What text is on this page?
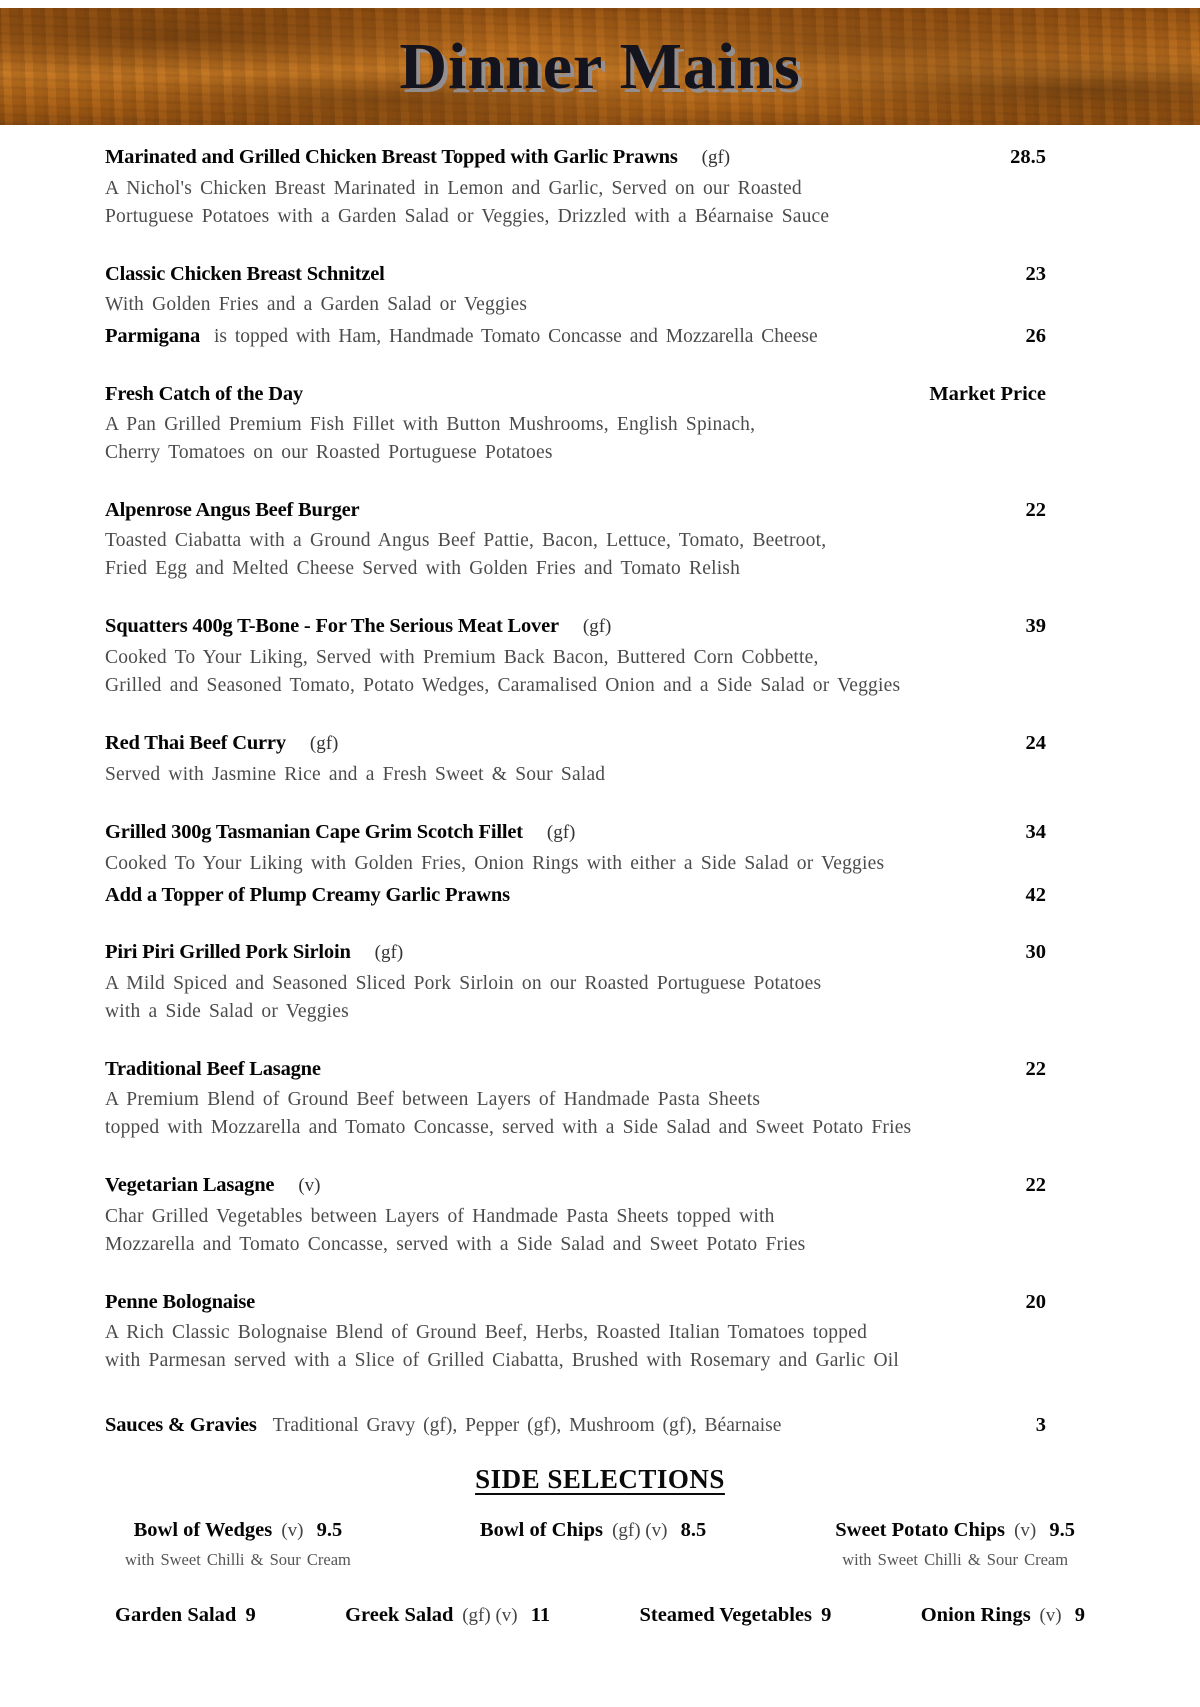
Dinner Mains
Marinated and Grilled Chicken Breast Topped with Garlic Prawns (gf)	28.5
A Nichol's Chicken Breast Marinated in Lemon and Garlic, Served on our Roasted
Portuguese Potatoes with a Garden Salad or Veggies, Drizzled with a Béarnaise Sauce
Classic Chicken Breast Schnitzel	23
With Golden Fries and a Garden Salad or Veggies
Parmigana is topped with Ham, Handmade Tomato Concasse and Mozzarella Cheese	26
Fresh Catch of the Day	Market Price
A Pan Grilled Premium Fish Fillet with Button Mushrooms, English Spinach,
Cherry Tomatoes on our Roasted Portuguese Potatoes
Alpenrose Angus Beef Burger	22
Toasted Ciabatta with a Ground Angus Beef Pattie, Bacon, Lettuce, Tomato, Beetroot,
Fried Egg and Melted Cheese Served with Golden Fries and Tomato Relish
Squatters 400g T-Bone - For The Serious Meat Lover (gf)	39
Cooked To Your Liking, Served with Premium Back Bacon, Buttered Corn Cobbette,
Grilled and Seasoned Tomato, Potato Wedges, Caramalised Onion and a Side Salad or Veggies
Red Thai Beef Curry (gf)	24
Served with Jasmine Rice and a Fresh Sweet & Sour Salad
Grilled 300g Tasmanian Cape Grim Scotch Fillet (gf)	34
Cooked To Your Liking with Golden Fries, Onion Rings with either a Side Salad or Veggies
Add a Topper of Plump Creamy Garlic Prawns	42
Piri Piri Grilled Pork Sirloin (gf)	30
A Mild Spiced and Seasoned Sliced Pork Sirloin on our Roasted Portuguese Potatoes
with a Side Salad or Veggies
Traditional Beef Lasagne	22
A Premium Blend of Ground Beef between Layers of Handmade Pasta Sheets
topped with Mozzarella and Tomato Concasse, served with a Side Salad and Sweet Potato Fries
Vegetarian Lasagne (v)	22
Char Grilled Vegetables between Layers of Handmade Pasta Sheets topped with
Mozzarella and Tomato Concasse, served with a Side Salad and Sweet Potato Fries
Penne Bolognaise	20
A Rich Classic Bolognaise Blend of Ground Beef, Herbs, Roasted Italian Tomatoes topped
with Parmesan served with a Slice of Grilled Ciabatta, Brushed with Rosemary and Garlic Oil
Sauces & Gravies Traditional Gravy (gf), Pepper (gf), Mushroom (gf), Béarnaise	3
SIDE SELECTIONS
Bowl of Wedges (v) 9.5
with Sweet Chilli & Sour Cream
Bowl of Chips (gf) (v) 8.5	Sweet Potato Chips (v) 9.5
with Sweet Chilli & Sour Cream
Garden Salad 9	Greek Salad (gf) (v) 11	Steamed Vegetables 9	Onion Rings (v) 9
